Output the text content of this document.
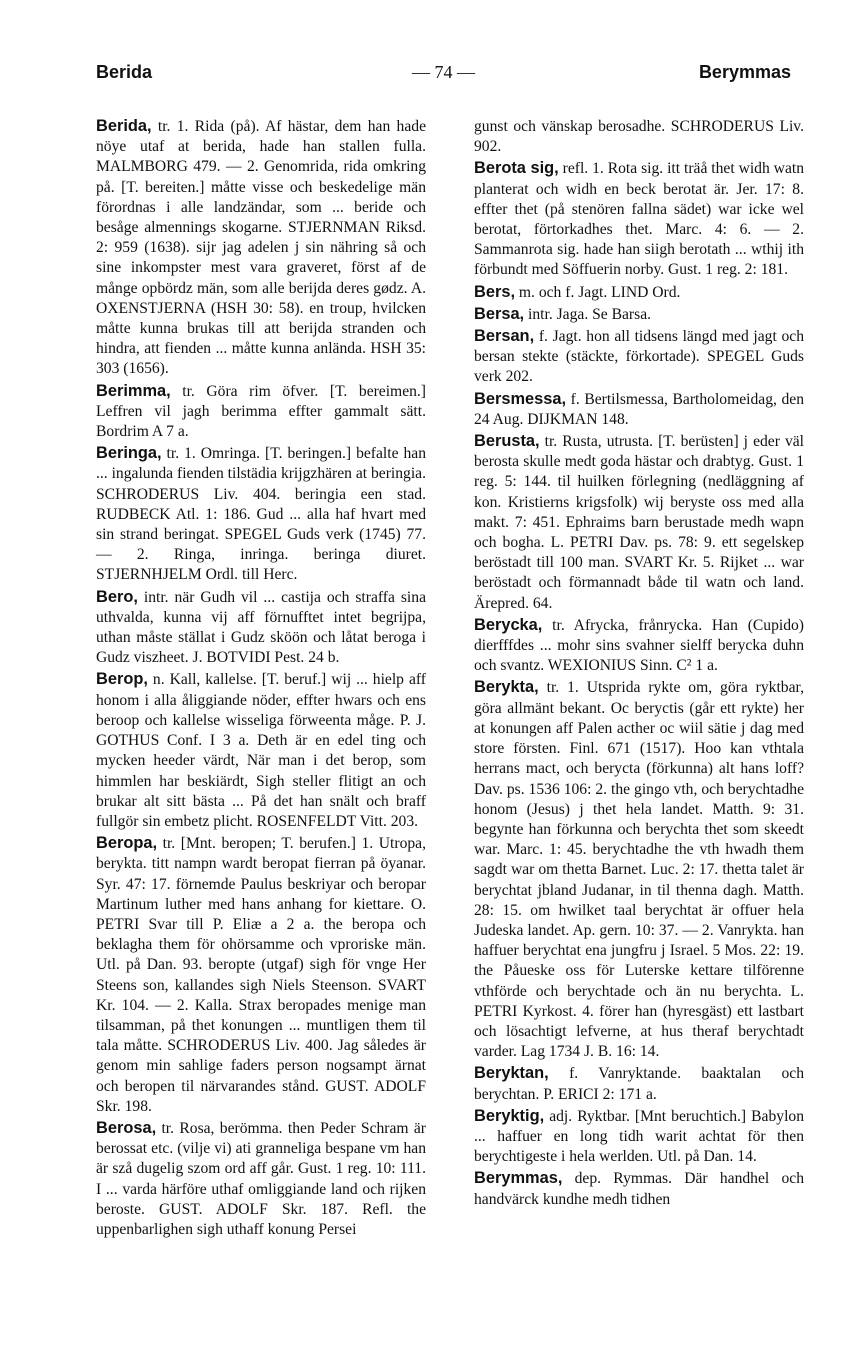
Berida	— 74 —	Berymmas

Berida, tr. 1. Rida (på). Af hästar, dem han hade nöye utaf at berida, hade han stallen fulla. MALMBORG 479. — 2. Genomrida, rida omkring på. [T. bereiten.] måtte visse och beskedelige män förordnas i alle landzändar, som ... beride och besåge almennings skogarne. STJERNMAN Riksd. 2: 959 (1638). sijr jag adelen j sin nähring så och sine inkompster mest vara graveret, först af de månge opbördz män, som alle berijda deres gødz. A. OXENSTJERNA (HSH 30: 58). en troup, hvilcken måtte kunna brukas till att berijda stranden och hindra, att fienden ... måtte kunna anlända. HSH 35: 303 (1656).

Berimma, tr. Göra rim öfver. [T. bereimen.] Leffren vil jagh berimma effter gammalt sätt. Bordrim A 7 a.

Beringa, tr. 1. Omringa. [T. beringen.] befalte han ... ingalunda fienden tilstädia krijgzhären at beringia. SCHRODERUS Liv. 404. beringia een stad. RUDBECK Atl. 1: 186. Gud ... alla haf hvart med sin strand beringat. SPEGEL Guds verk (1745) 77. — 2. Ringa, inringa. beringa diuret. STJERNHJELM Ordl. till Herc.

Bero, intr. när Gudh vil ... castija och straffa sina uthvalda, kunna vij aff förnufftet intet begrijpa, uthan måste ställat i Gudz sköön och låtat beroga i Gudz viszheet. J. BOTVIDI Pest. 24 b.

Berop, n. Kall, kallelse. [T. beruf.] wij ... hielp aff honom i alla åliggiande nöder, effter hwars och ens beroop och kallelse wisseliga förweenta måge. P. J. GOTHUS Conf. I 3 a. Deth är en edel ting och mycken heeder värdt, När man i det berop, som himmlen har beskiärdt, Sigh steller flitigt an och brukar alt sitt bästa ... På det han snält och braff fullgör sin embetz plicht. ROSENFELDT Vitt. 203.

Beropa, tr. [Mnt. beropen; T. berufen.] 1. Utropa, berykta. titt nampn wardt beropat fierran på öyanar. Syr. 47: 17. förnemde Paulus beskriyar och beropar Martinum luther med hans anhang for kiettare. O. PETRI Svar till P. Eliæ a 2 a. the beropa och beklagha them för ohörsamme och vproriske män. Utl. på Dan. 93. beropte (utgaf) sigh för vnge Her Steens son, kallandes sigh Niels Steenson. SVART Kr. 104. — 2. Kalla. Strax beropades menige man tilsamman, på thet konungen ... muntligen them til tala måtte. SCHRODERUS Liv. 400. Jag således är genom min sahlige faders person nogsampt ärnat och beropen til närvarandes stånd. GUST. ADOLF Skr. 198.

Berosa, tr. Rosa, berömma. then Peder Schram är berossat etc. (vilje vi) ati granneliga bespane vm han är szå dugelig szom ord aff går. Gust. 1 reg. 10: 111. I ... varda härföre uthaf omliggiande land och rijken beroste. GUST. ADOLF Skr. 187. Refl. the uppenbarlighen sigh uthaff konung Persei

gunst och vänskap berosadhe. SCHRODERUS Liv. 902.

Berota sig, refl. 1. Rota sig. itt träå thet widh watn planterat och widh en beck berotat är. Jer. 17: 8. effter thet (på stenören fallna sädet) war icke wel berotat, förtorkadhes thet. Marc. 4: 6. — 2. Sammanrota sig. hade han siigh berotath ... wthij ith förbundt med Söffuerin norby. Gust. 1 reg. 2: 181.

Bers, m. och f. Jagt. LIND Ord.

Bersa, intr. Jaga. Se Barsa.

Bersan, f. Jagt. hon all tidsens längd med jagt och bersan stekte (stäckte, förkortade). SPEGEL Guds verk 202.

Bersmessa, f. Bertilsmessa, Bartholomeidag, den 24 Aug. DIJKMAN 148.

Berusta, tr. Rusta, utrusta. [T. berüsten] j eder väl berosta skulle medt goda hästar och drabtyg. Gust. 1 reg. 5: 144. til huilken förlegning (nedläggning af kon. Kristierns krigsfolk) wij beryste oss med alla makt. 7: 451. Ephraims barn berustade medh wapn och bogha. L. PETRI Dav. ps. 78: 9. ett segelskep beröstadt till 100 man. SVART Kr. 5. Rijket ... war beröstadt och förmannadt både til watn och land. Ärepred. 64.

Berycka, tr. Afrycka, frånrycka. Han (Cupido) dierfffdes ... mohr sins svahner sielff berycka duhn och svantz. WEXIONIUS Sinn. C² 1 a.

Berykta, tr. 1. Utsprida rykte om, göra ryktbar, göra allmänt bekant. Oc beryctis (går ett rykte) her at konungen aff Palen acther oc wiil sätie j dag med store försten. Finl. 671 (1517). Hoo kan vthtala herrans mact, och berycta (förkunna) alt hans loff? Dav. ps. 1536 106: 2. the gingo vth, och berychtadhe honom (Jesus) j thet hela landet. Matth. 9: 31. begynte han förkunna och berychta thet som skeedt war. Marc. 1: 45. berychtadhe the vth hwadh them sagdt war om thetta Barnet. Luc. 2: 17. thetta talet är berychtat jbland Judanar, in til thenna dagh. Matth. 28: 15. om hwilket taal berychtat är offuer hela Judeska landet. Ap. gern. 10: 37. — 2. Vanrykta. han haffuer berychtat ena jungfru j Israel. 5 Mos. 22: 19. the Påueske oss för Luterske kettare tilförenne vthförde och berychtade och än nu berychta. L. PETRI Kyrkost. 4. förer han (hyresgäst) ett lastbart och lösachtigt lefverne, at hus theraf berychtadt varder. Lag 1734 J. B. 16: 14.

Beryktan, f. Vanryktande. baaktalan och berychtan. P. ERICI 2: 171 a.

Beryktig, adj. Ryktbar. [Mnt beruchtich.] Babylon ... haffuer en long tidh warit achtat för then berychtigeste i hela werlden. Utl. på Dan. 14.

Berymmas, dep. Rymmas. Där handhel och handvärck kundhe medh tidhen
